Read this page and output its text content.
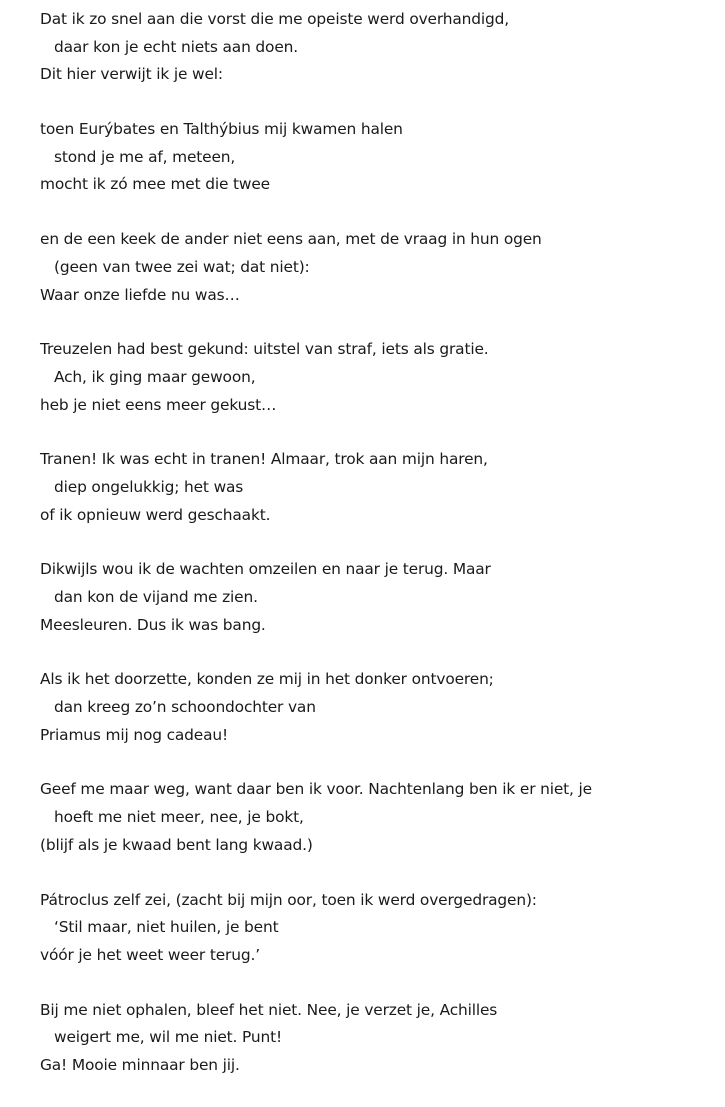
Dat ik zo snel aan die vorst die me opeiste werd overhandigd,
daar kon je echt niets aan doen.
Dit hier verwijt ik je wel:
toen Eurýbates en Talthýbius mij kwamen halen
stond je me af, meteen,
mocht ik zó mee met die twee
en de een keek de ander niet eens aan, met de vraag in hun ogen
(geen van twee zei wat; dat niet):
Waar onze liefde nu was…
Treuzelen had best gekund: uitstel van straf, iets als gratie.
Ach, ik ging maar gewoon,
heb je niet eens meer gekust…
Tranen! Ik was echt in tranen! Almaar, trok aan mijn haren,
diep ongelukkig; het was
of ik opnieuw werd geschaakt.
Dikwijls wou ik de wachten omzeilen en naar je terug. Maar
dan kon de vijand me zien.
Meesleuren. Dus ik was bang.
Als ik het doorzette, konden ze mij in het donker ontvoeren;
dan kreeg zo’n schoondochter van
Priamus mij nog cadeau!
Geef me maar weg, want daar ben ik voor. Nachtenlang ben ik er niet, je
hoeft me niet meer, nee, je bokt,
(blijf als je kwaad bent lang kwaad.)
Pátroclus zelf zei, (zacht bij mijn oor, toen ik werd overgedragen):
‘Stil maar, niet huilen, je bent
vóór je het weet weer terug.’
Bij me niet ophalen, bleef het niet. Nee, je verzet je, Achilles
weigert me, wil me niet. Punt!
Ga! Mooie minnaar ben jij.
